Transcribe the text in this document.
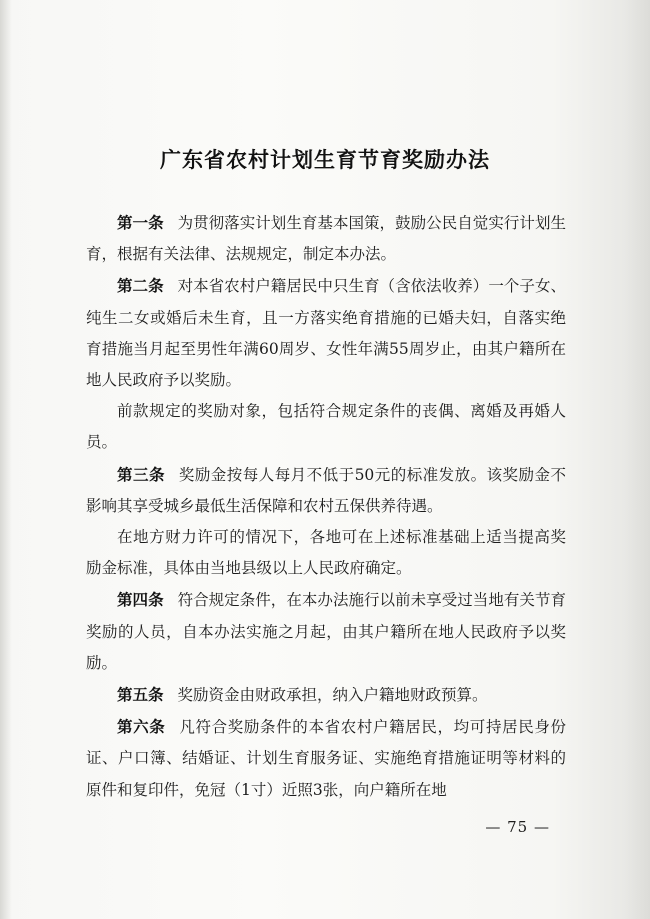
广东省农村计划生育节育奖励办法

第一条 为贯彻落实计划生育基本国策，鼓励公民自觉实行计划生育，根据有关法律、法规规定，制定本办法。

第二条 对本省农村户籍居民中只生育（含依法收养）一个子女、纯生二女或婚后未生育，且一方落实绝育措施的已婚夫妇，自落实绝育措施当月起至男性年满60周岁、女性年满55周岁止，由其户籍所在地人民政府予以奖励。

前款规定的奖励对象，包括符合规定条件的丧偶、离婚及再婚人员。

第三条 奖励金按每人每月不低于50元的标准发放。该奖励金不影响其享受城乡最低生活保障和农村五保供养待遇。

在地方财力许可的情况下，各地可在上述标准基础上适当提高奖励金标准，具体由当地县级以上人民政府确定。

第四条 符合规定条件，在本办法施行以前未享受过当地有关节育奖励的人员，自本办法实施之月起，由其户籍所在地人民政府予以奖励。

第五条 奖励资金由财政承担，纳入户籍地财政预算。

第六条 凡符合奖励条件的本省农村户籍居民，均可持居民身份证、户口簿、结婚证、计划生育服务证、实施绝育措施证明等材料的原件和复印件，免冠（1寸）近照3张，向户籍所在地

— 75 —
